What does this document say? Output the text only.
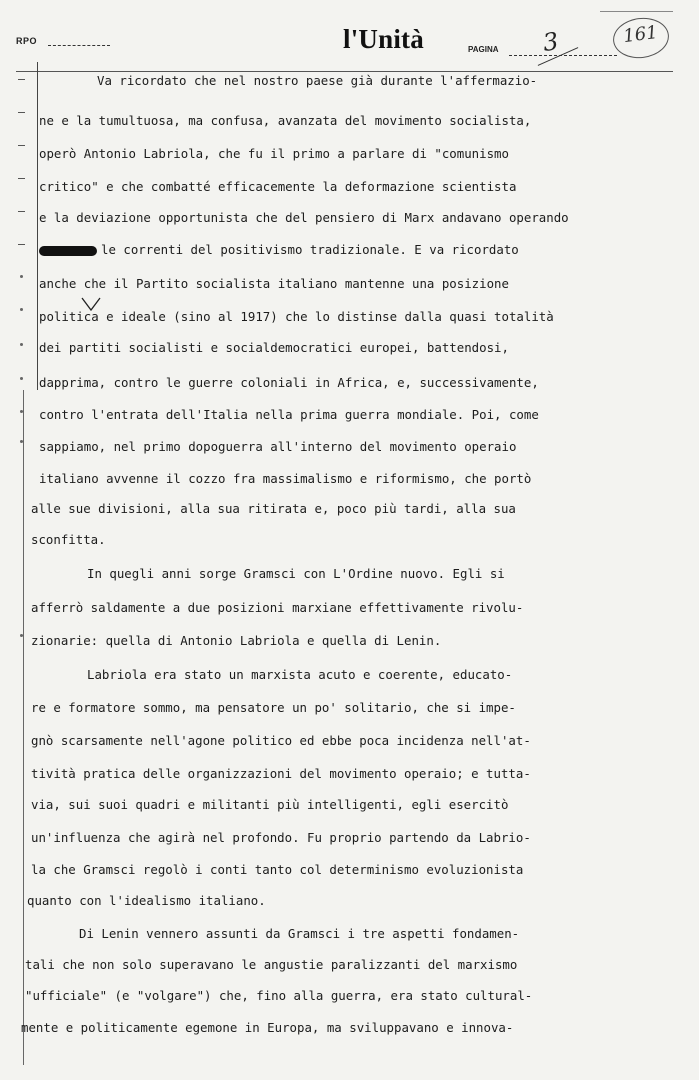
RPO	l'Unità	PAGINA 3	161
Va ricordato che nel nostro paese già durante l'affermazio-
ne e la tumultuosa, ma confusa, avanzata del movimento socialista,
operò Antonio Labriola, che fu il primo a parlare di "comunismo
critico" e che combatté efficacemente la deformazione scientista
e la deviazione opportunista che del pensiero di Marx andavano operando
le correnti del positivismo tradizionale. E va ricordato
anche che il Partito socialista italiano mantenne una posizione
politica e ideale (sino al 1917) che lo distinse dalla quasi totalità
dei partiti socialisti e socialdemocratici europei, battendosi,
dapprima, contro le guerre coloniali in Africa, e, successivamente,
contro l'entrata dell'Italia nella prima guerra mondiale. Poi, come
sappiamo, nel primo dopoguerra all'interno del movimento operaio
italiano avvenne il cozzo fra massimalismo e riformismo, che portò
alle sue divisioni, alla sua ritirata e, poco più tardi, alla sua
sconfitta.
In quegli anni sorge Gramsci con L'Ordine nuovo. Egli si
afferrò saldamente a due posizioni marxiane effettivamente rivolu-
zionarie: quella di Antonio Labriola e quella di Lenin.
Labriola era stato un marxista acuto e coerente, educato-
re e formatore sommo, ma pensatore un po' solitario, che si impe-
gnò scarsamente nell'agone politico ed ebbe poca incidenza nell'at-
tività pratica delle organizzazioni del movimento operaio; e tutta-
via, sui suoi quadri e militanti più intelligenti, egli esercitò
un'influenza che agirà nel profondo. Fu proprio partendo da Labrio-
la che Gramsci regolò i conti tanto col determinismo evoluzionista
quanto con l'idealismo italiano.
Di Lenin vennero assunti da Gramsci i tre aspetti fondamen-
tali che non solo superavano le angustie paralizzanti del marxismo
"ufficiale" (e "volgare") che, fino alla guerra, era stato cultural-
mente e politicamente egemone in Europa, ma sviluppavano e innova-
